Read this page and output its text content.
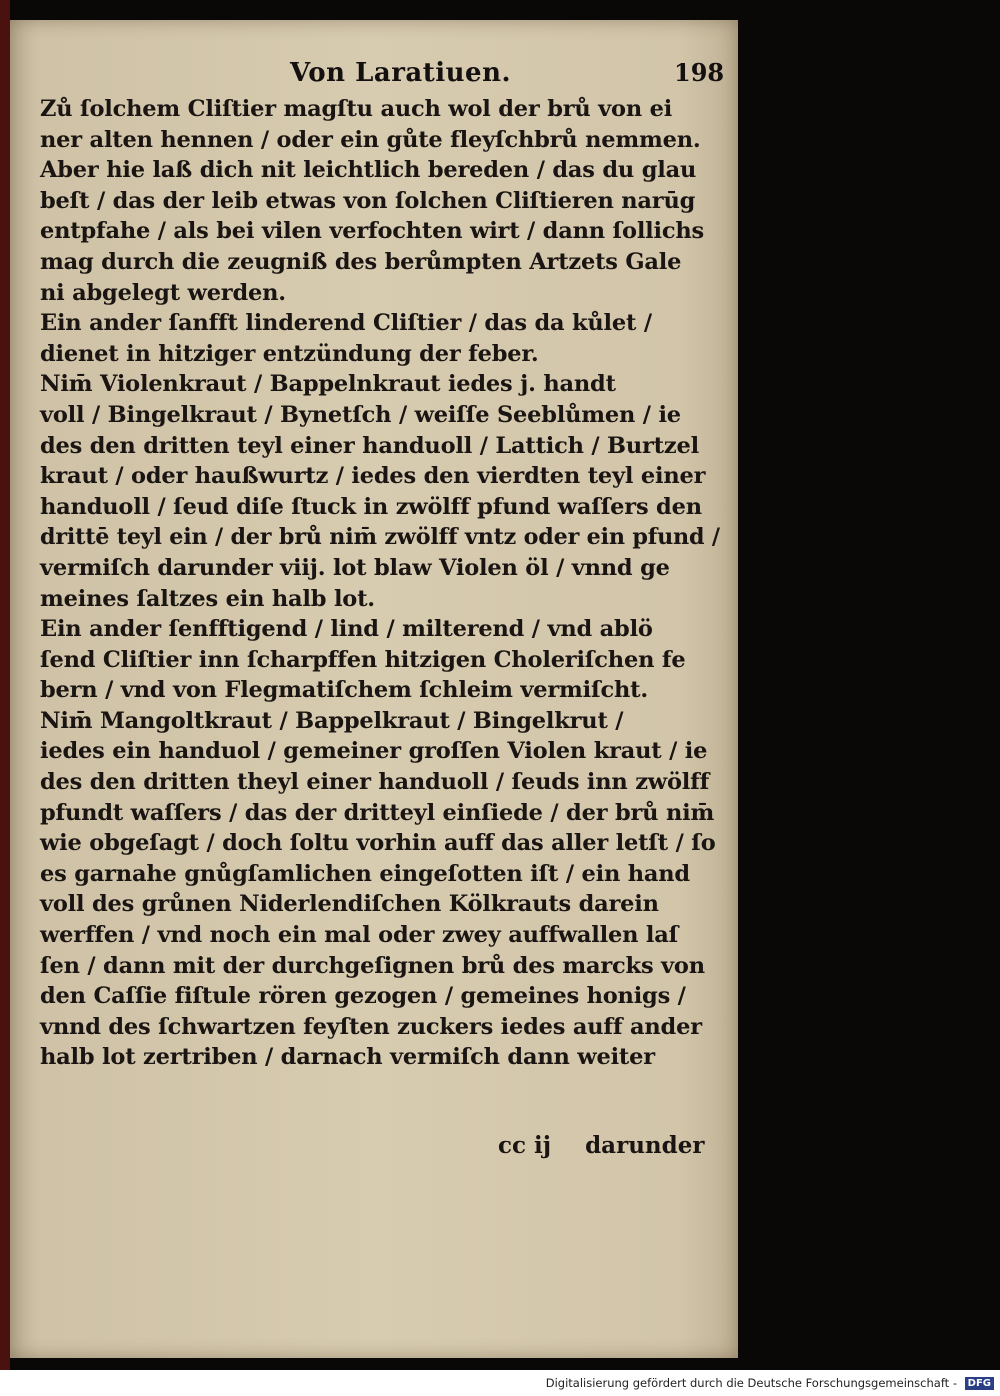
Von Laratiuen.	198
Zů ſolchem Cliſtier magſtu auch wol der brů von ei
ner alten hennen / oder ein gůte fleyſchbrů nemmen.
Aber hie laß dich nit leichtlich bereden / das du glau
beſt / das der leib etwas von ſolchen Cliſtieren narūg
entpfahe / als bei vilen verfochten wirt / dann ſollichs
mag durch die zeugniß des berůmpten Artzets Gale
ni abgelegt werden.
Ein ander ſanfft linderend Cliſtier / das da kůlet /
dienet in hitziger entzündung der feber.
Nim̄ Violenkraut / Bappelnkraut iedes j. handt
voll / Bingelkraut / Bynetſch / weiſſe Seeblůmen / ie
des den dritten teyl einer handuoll / Lattich / Burtzel
kraut / oder haußwurtz / iedes den vierdten teyl einer
handuoll / ſeud diſe ſtuck in zwölff pfund waſſers den
drittē teyl ein / der brů nim̄ zwölff vntz oder ein pfund /
vermiſch darunder viij. lot blaw Violen öl / vnnd ge
meines ſaltzes ein halb lot.
Ein ander ſenfftigend / lind / milterend / vnd ablö
ſend Cliſtier inn ſcharpffen hitzigen Choleriſchen fe
bern / vnd von Flegmatiſchem ſchleim vermiſcht.
Nim̄ Mangoltkraut / Bappelkraut / Bingelkrut /
iedes ein handuol / gemeiner groſſen Violen kraut / ie
des den dritten theyl einer handuoll / ſeuds inn zwölff
pfundt waſſers / das der dritteyl einſiede / der brů nim̄
wie obgeſagt / doch ſoltu vorhin auff das aller letſt / ſo
es garnahe gnůgſamlichen eingeſotten iſt / ein hand
voll des grůnen Niderlendiſchen Kölkrauts darein
werffen / vnd noch ein mal oder zwey auffwallen laſ
ſen / dann mit der durchgeſignen brů des marcks von
den Caſſie fiſtule rören gezogen / gemeines honigs /
vnnd des ſchwartzen feyſten zuckers iedes auff ander
halb lot zertriben / darnach vermiſch dann weiter
cc ij darunder
Digitalisierung gefördert durch die Deutsche Forschungsgemeinschaft - DFG
